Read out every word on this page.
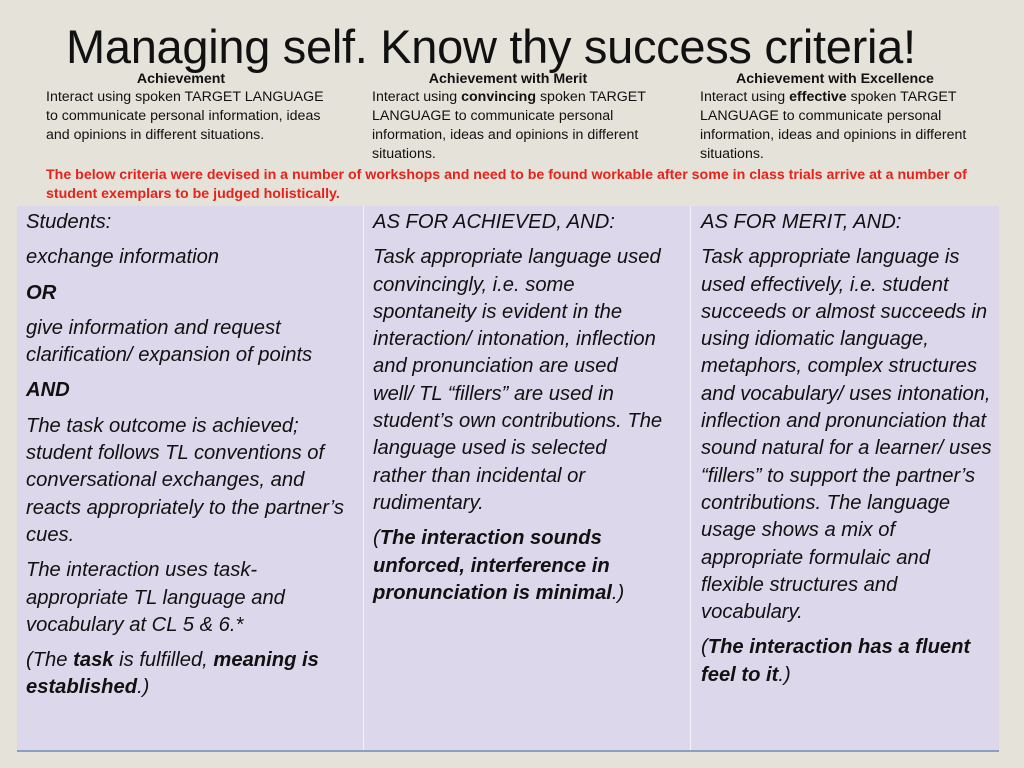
Managing self. Know thy success criteria!
Achievement
Interact using spoken TARGET LANGUAGE to communicate personal information, ideas and opinions in different situations.
Achievement with Merit
Interact using convincing spoken TARGET LANGUAGE to communicate personal information, ideas and opinions in different situations.
Achievement with Excellence
Interact using effective spoken TARGET LANGUAGE to communicate personal information, ideas and opinions in different situations.
The below criteria were devised in a number of workshops and need to be found workable after some in class trials arrive at a number of student exemplars to be judged holistically.

Students:

exchange information

OR

give information and request clarification/ expansion of points

AND

The task outcome is achieved; student follows TL conventions of conversational exchanges, and reacts appropriately to the partner’s cues.

The interaction uses task-appropriate TL language and vocabulary at CL 5 & 6.*

(The task is fulfilled, meaning is established.)

AS FOR ACHIEVED, AND:

Task appropriate language used convincingly, i.e. some spontaneity is evident in the interaction/ intonation, inflection and pronunciation are used well/ TL “fillers” are used in student’s own contributions. The language used is selected rather than incidental or rudimentary.

(The interaction sounds unforced, interference in pronunciation is minimal.)

AS FOR MERIT, AND:

Task appropriate language is used effectively, i.e. student succeeds or almost succeeds in using idiomatic language, metaphors, complex structures and vocabulary/ uses intonation, inflection and pronunciation that sound natural for a learner/ uses “fillers” to support the partner’s contributions. The language usage shows a mix of appropriate formulaic and flexible structures and vocabulary.

(The interaction has a fluent feel to it.)
